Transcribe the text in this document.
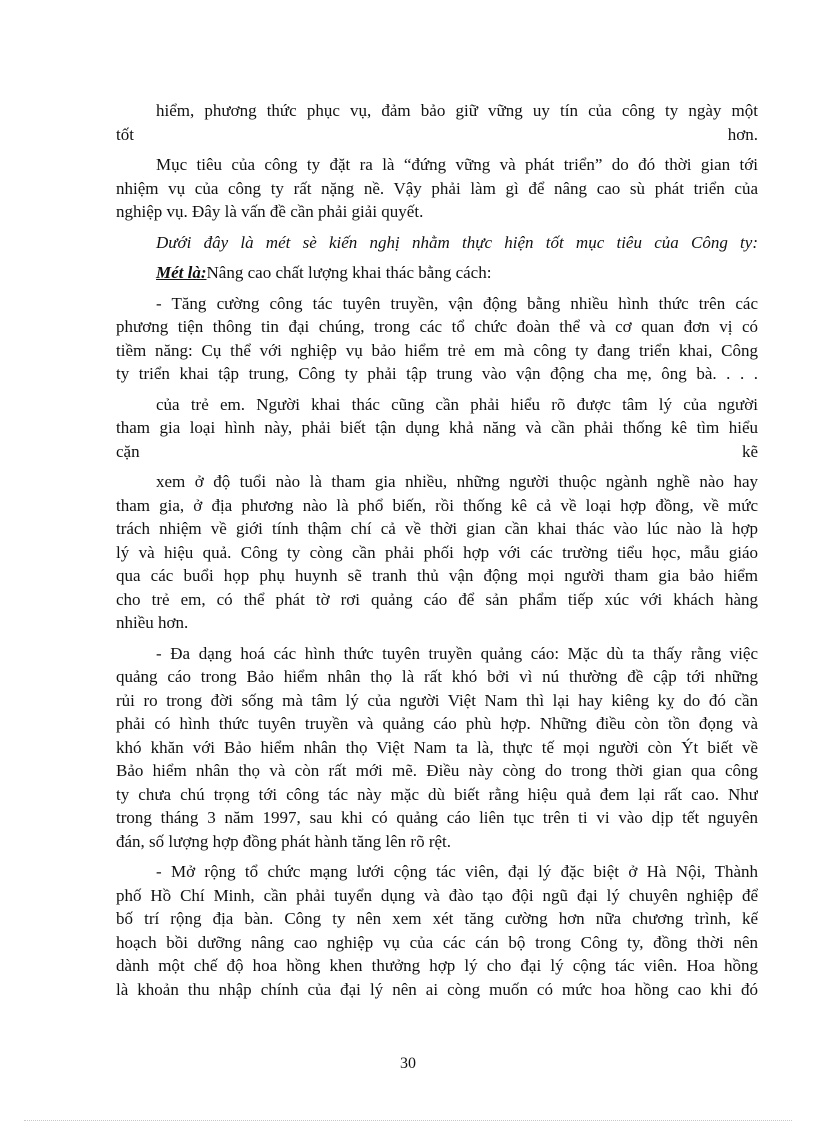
hiểm, phương thức phục vụ, đảm bảo giữ vững uy tín của công ty ngày một
tốt	hơn.
Mục tiêu của công ty đặt ra là “đứng vững và phát triển” do đó thời gian tới
nhiệm vụ của công ty rất nặng nề. Vậy phải làm gì để nâng cao sù phát triển của
nghiệp vụ. Đây là vấn đề cần phải giải quyết.
Dưới đây là mét sè kiến nghị nhằm thực hiện tốt mục tiêu của Công ty:
Mét là:Nâng cao chất lượng khai thác bằng cách:
- Tăng cường công tác tuyên truyền, vận động bằng nhiều hình thức trên các
phương tiện thông tin đại chúng, trong các tổ chức đoàn thể và cơ quan đơn vị có
tiềm năng: Cụ thể với nghiệp vụ bảo hiểm trẻ em mà công ty đang triển khai, Công
ty triển khai tập trung, Công ty phải tập trung vào vận động cha mẹ, ông bà. . . .
của trẻ em. Người khai thác cũng cần phải hiểu rõ được tâm lý của người
tham gia loại hình này, phải biết tận dụng khả năng và cần phải thống kê tìm hiểu
cặn	kẽ
xem ở độ tuổi nào là tham gia nhiều, những người thuộc ngành nghề nào hay
tham gia, ở địa phương nào là phổ biến, rồi thống kê cả về loại hợp đồng, về mức
trách nhiệm về giới tính thậm chí cả về thời gian cần khai thác vào lúc nào là hợp
lý và hiệu quả. Công ty còng cần phải phối hợp với các trường tiểu học, mẫu giáo
qua các buổi họp phụ huynh sẽ tranh thủ vận động mọi người tham gia bảo hiểm
cho trẻ em, có thể phát tờ rơi quảng cáo để sản phẩm tiếp xúc với khách hàng
nhiều hơn.
- Đa dạng hoá các hình thức tuyên truyền quảng cáo: Mặc dù ta thấy rằng việc
quảng cáo trong Bảo hiểm nhân thọ là rất khó bởi vì nú thường đề cập tới những
rủi ro trong đời sống mà tâm lý của người Việt Nam thì lại hay kiêng kỵ do đó cần
phải có hình thức tuyên truyền và quảng cáo phù hợp. Những điều còn tồn đọng và
khó khăn với Bảo hiểm nhân thọ Việt Nam ta là, thực tế mọi người còn Ýt biết về
Bảo hiểm nhân thọ và còn rất mới mẽ. Điều này còng do trong thời gian qua công
ty chưa chú trọng tới công tác này mặc dù biết rằng hiệu quả đem lại rất cao. Như
trong tháng 3 năm 1997, sau khi có quảng cáo liên tục trên ti vi vào dịp tết nguyên
đán, số lượng hợp đồng phát hành tăng lên rõ rệt.
- Mở rộng tổ chức mạng lưới cộng tác viên, đại lý đặc biệt ở Hà Nội, Thành
phố Hồ Chí Minh, cần phải tuyển dụng và đào tạo đội ngũ đại lý chuyên nghiệp để
bố trí rộng địa bàn. Công ty nên xem xét tăng cường hơn nữa chương trình, kế
hoạch bồi dưỡng nâng cao nghiệp vụ của các cán bộ trong Công ty, đồng thời nên
dành một chế độ hoa hồng khen thưởng hợp lý cho đại lý cộng tác viên. Hoa hồng
là khoản thu nhập chính của đại lý nên ai còng muốn có mức hoa hồng cao khi đó
30
